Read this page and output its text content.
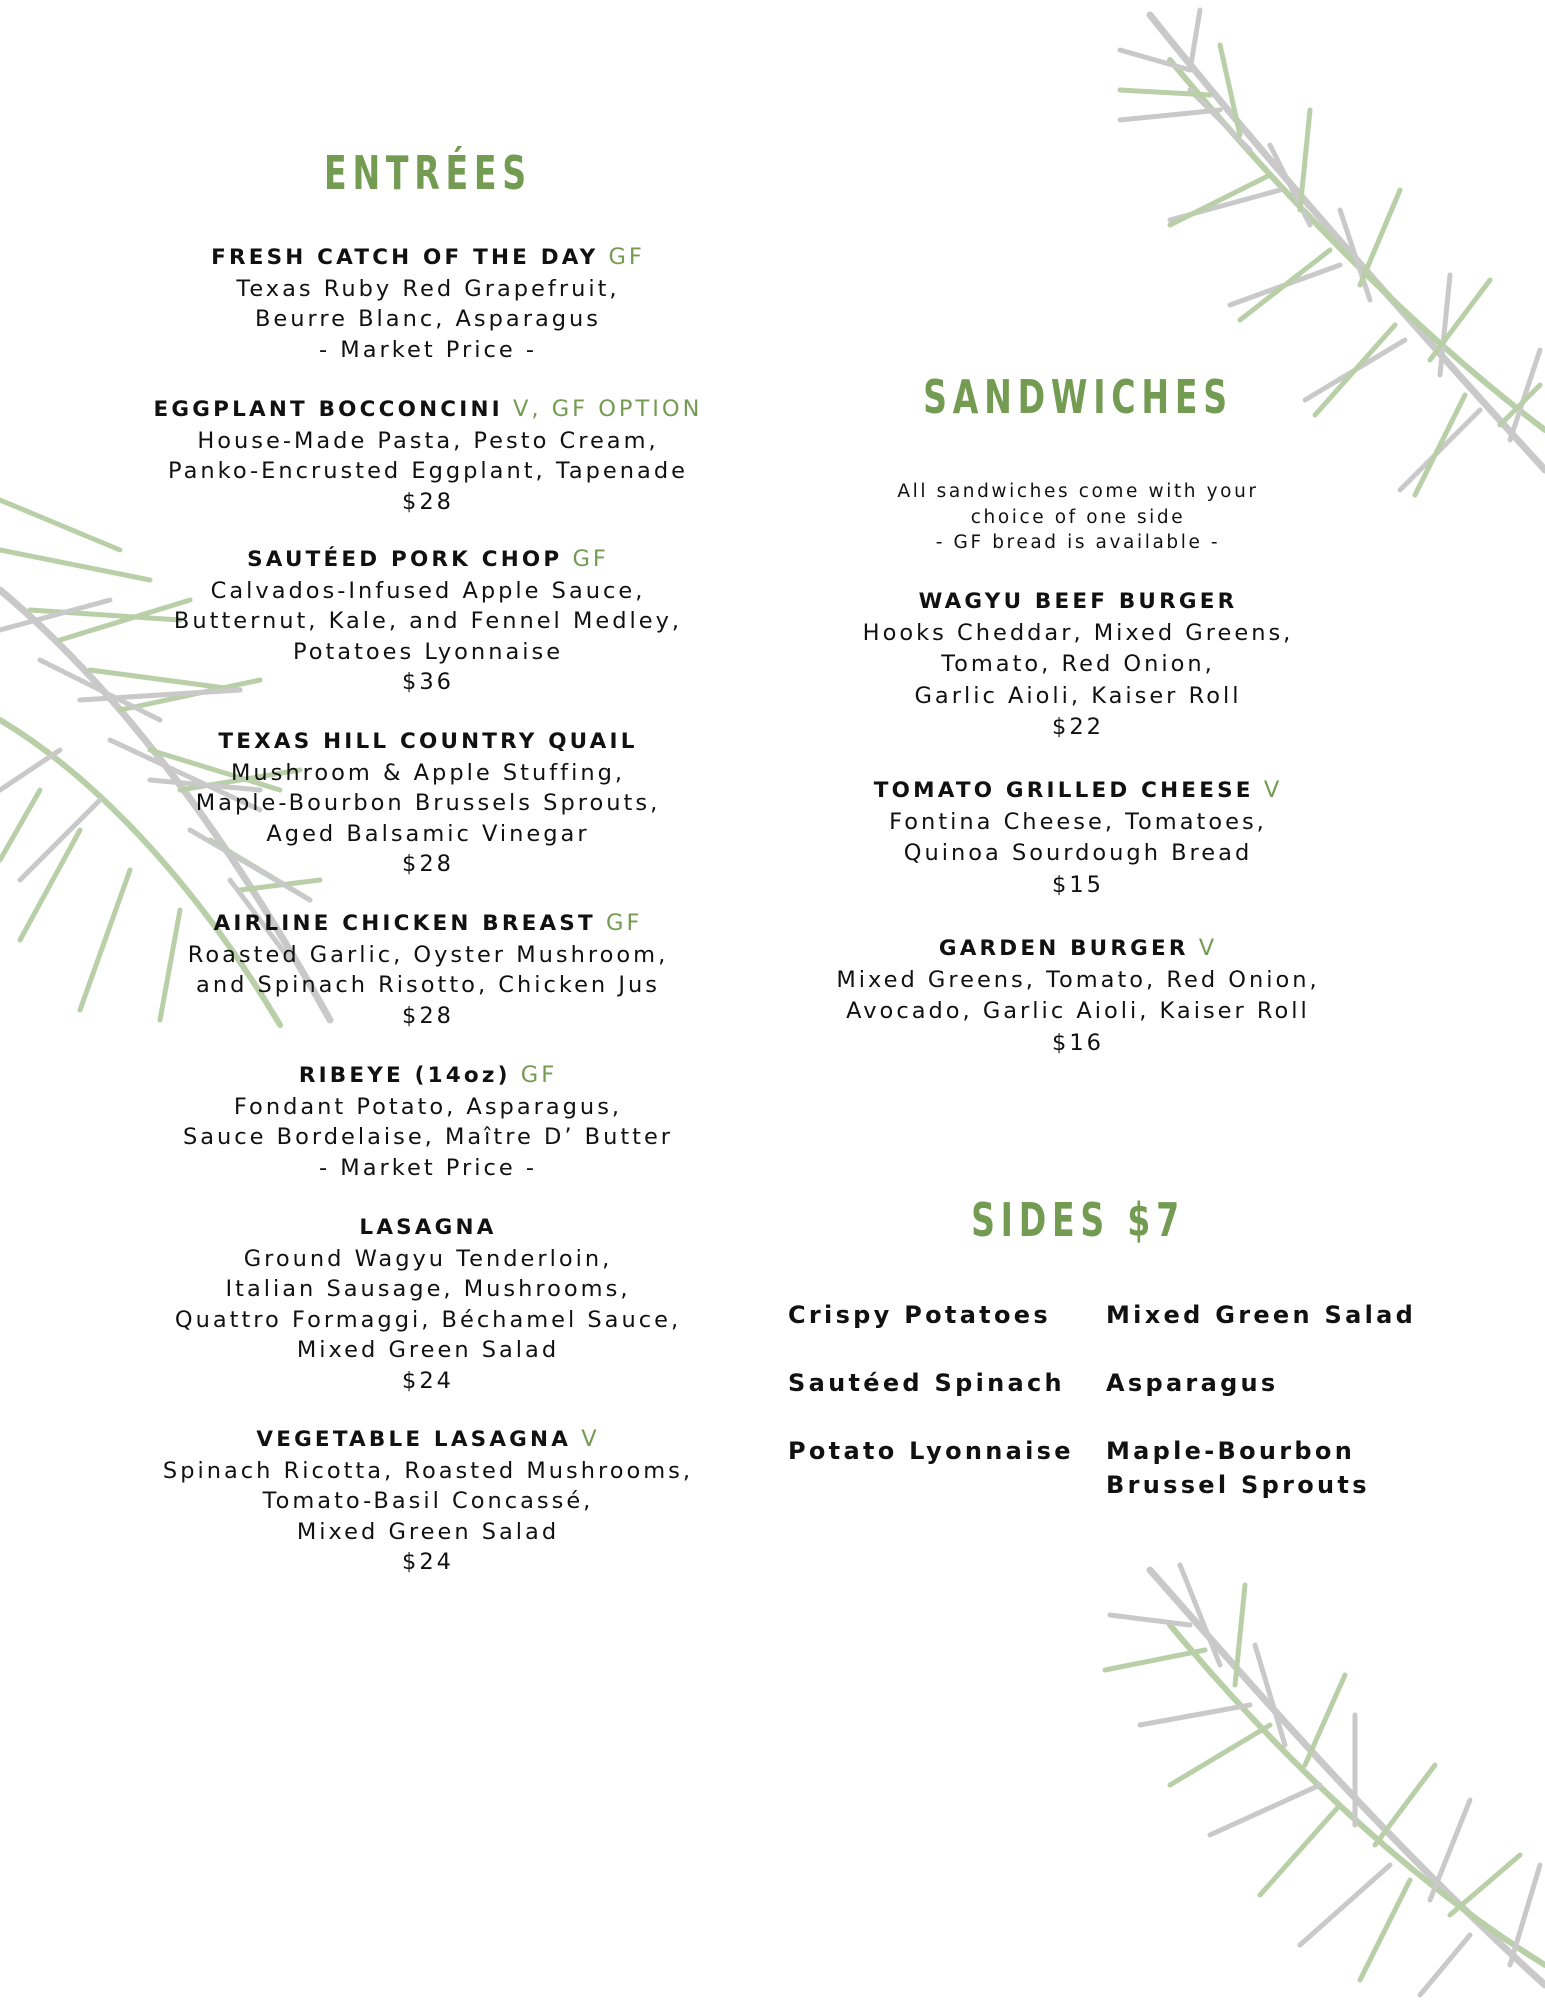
ENTRÉES
FRESH CATCH OF THE DAY GF
Texas Ruby Red Grapefruit,
Beurre Blanc, Asparagus
- Market Price -
EGGPLANT BOCCONCINI V, GF OPTION
House-Made Pasta, Pesto Cream,
Panko-Encrusted Eggplant, Tapenade
$28
SAUTÉED PORK CHOP GF
Calvados-Infused Apple Sauce,
Butternut, Kale, and Fennel Medley,
Potatoes Lyonnaise
$36
TEXAS HILL COUNTRY QUAIL
Mushroom & Apple Stuffing,
Maple-Bourbon Brussels Sprouts,
Aged Balsamic Vinegar
$28
AIRLINE CHICKEN BREAST GF
Roasted Garlic, Oyster Mushroom,
and Spinach Risotto, Chicken Jus
$28
RIBEYE (14oz) GF
Fondant Potato, Asparagus,
Sauce Bordelaise, Maître D’ Butter
- Market Price -
LASAGNA
Ground Wagyu Tenderloin,
Italian Sausage, Mushrooms,
Quattro Formaggi, Béchamel Sauce,
Mixed Green Salad
$24
VEGETABLE LASAGNA V
Spinach Ricotta, Roasted Mushrooms,
Tomato-Basil Concassé,
Mixed Green Salad
$24
SANDWICHES
All sandwiches come with your
choice of one side
- GF bread is available -
WAGYU BEEF BURGER
Hooks Cheddar, Mixed Greens,
Tomato, Red Onion,
Garlic Aioli, Kaiser Roll
$22
TOMATO GRILLED CHEESE V
Fontina Cheese, Tomatoes,
Quinoa Sourdough Bread
$15
GARDEN BURGER V
Mixed Greens, Tomato, Red Onion,
Avocado, Garlic Aioli, Kaiser Roll
$16
SIDES $7
Crispy Potatoes
Sautéed Spinach
Potato Lyonnaise
Mixed Green Salad
Asparagus
Maple-Bourbon Brussel Sprouts
